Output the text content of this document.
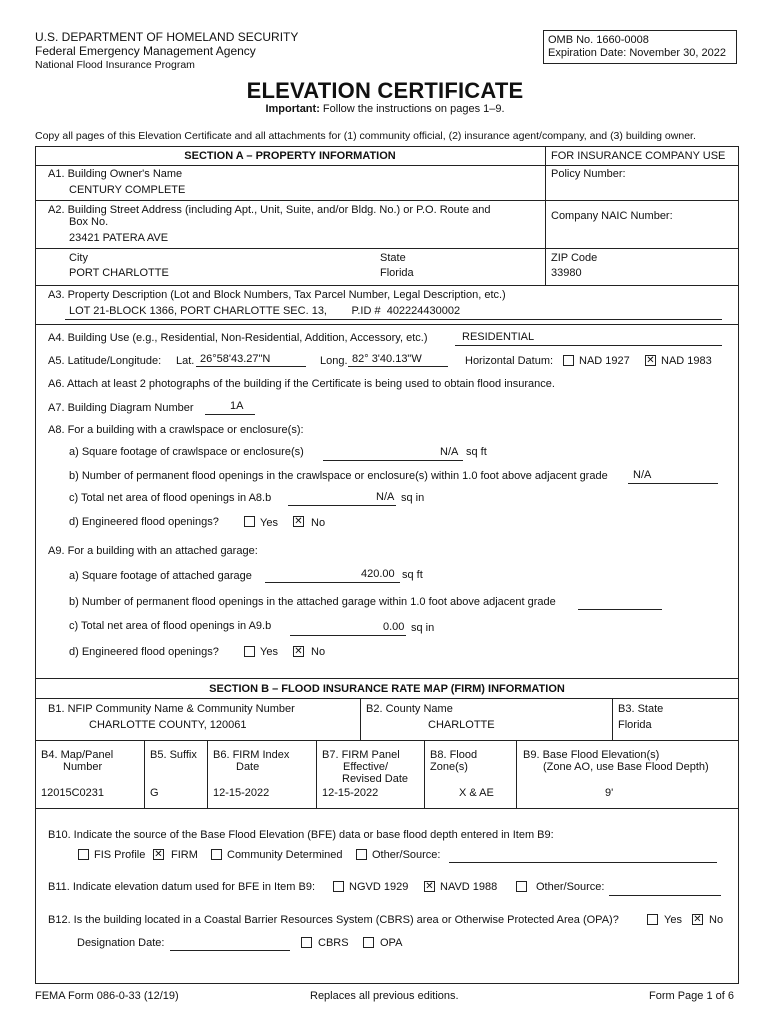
U.S. DEPARTMENT OF HOMELAND SECURITY
Federal Emergency Management Agency
National Flood Insurance Program
OMB No. 1660-0008
Expiration Date: November 30, 2022
ELEVATION CERTIFICATE
Important: Follow the instructions on pages 1–9.
Copy all pages of this Elevation Certificate and all attachments for (1) community official, (2) insurance agent/company, and (3) building owner.
SECTION A – PROPERTY INFORMATION	FOR INSURANCE COMPANY USE
A1. Building Owner's Name
CENTURY COMPLETE
Policy Number:
A2. Building Street Address (including Apt., Unit, Suite, and/or Bldg. No.) or P.O. Route and
Box No.
23421 PATERA AVE
Company NAIC Number:
City
PORT CHARLOTTE
State
Florida
ZIP Code
33980
A3. Property Description (Lot and Block Numbers, Tax Parcel Number, Legal Description, etc.)
LOT 21-BLOCK 1366, PORT CHARLOTTE SEC. 13,        P.ID #  402224430002
A4. Building Use (e.g., Residential, Non-Residential, Addition, Accessory, etc.)	RESIDENTIAL
A5. Latitude/Longitude: Lat. 26°58'43.27"N	Long. 82° 3'40.13"W	Horizontal Datum: NAD 1927 ✕	NAD 1983
A6. Attach at least 2 photographs of the building if the Certificate is being used to obtain flood insurance.
A7. Building Diagram Number	1A
A8. For a building with a crawlspace or enclosure(s):
a) Square footage of crawlspace or enclosure(s)	N/A sq ft
b) Number of permanent flood openings in the crawlspace or enclosure(s) within 1.0 foot above adjacent grade N/A
c) Total net area of flood openings in A8.b	N/A sq in
d) Engineered flood openings?	Yes ✕	No
A9. For a building with an attached garage:
a) Square footage of attached garage	420.00 sq ft
b) Number of permanent flood openings in the attached garage within 1.0 foot above adjacent grade
c) Total net area of flood openings in A9.b	0.00 sq in
d) Engineered flood openings?	Yes ✕	No
SECTION B – FLOOD INSURANCE RATE MAP (FIRM) INFORMATION
B1. NFIP Community Name & Community Number
CHARLOTTE COUNTY, 120061
B2. County Name
CHARLOTTE
B3. State
Florida
B4. Map/Panel
Number
12015C0231
B5. Suffix
G
B6. FIRM Index
Date
12-15-2022
B7. FIRM Panel
Effective/
Revised Date
12-15-2022
B8. Flood
Zone(s)
X & AE
B9. Base Flood Elevation(s)
(Zone AO, use Base Flood Depth)
9'
B10. Indicate the source of the Base Flood Elevation (BFE) data or base flood depth entered in Item B9:
FIS Profile ✕ FIRM	Community Determined	Other/Source:
B11. Indicate elevation datum used for BFE in Item B9:	NGVD 1929 ✕	NAVD 1988	Other/Source:
B12. Is the building located in a Coastal Barrier Resources System (CBRS) area or Otherwise Protected Area (OPA)?	Yes ✕ No
Designation Date:	CBRS	OPA
FEMA Form 086-0-33 (12/19)	Replaces all previous editions.	Form Page 1 of 6
